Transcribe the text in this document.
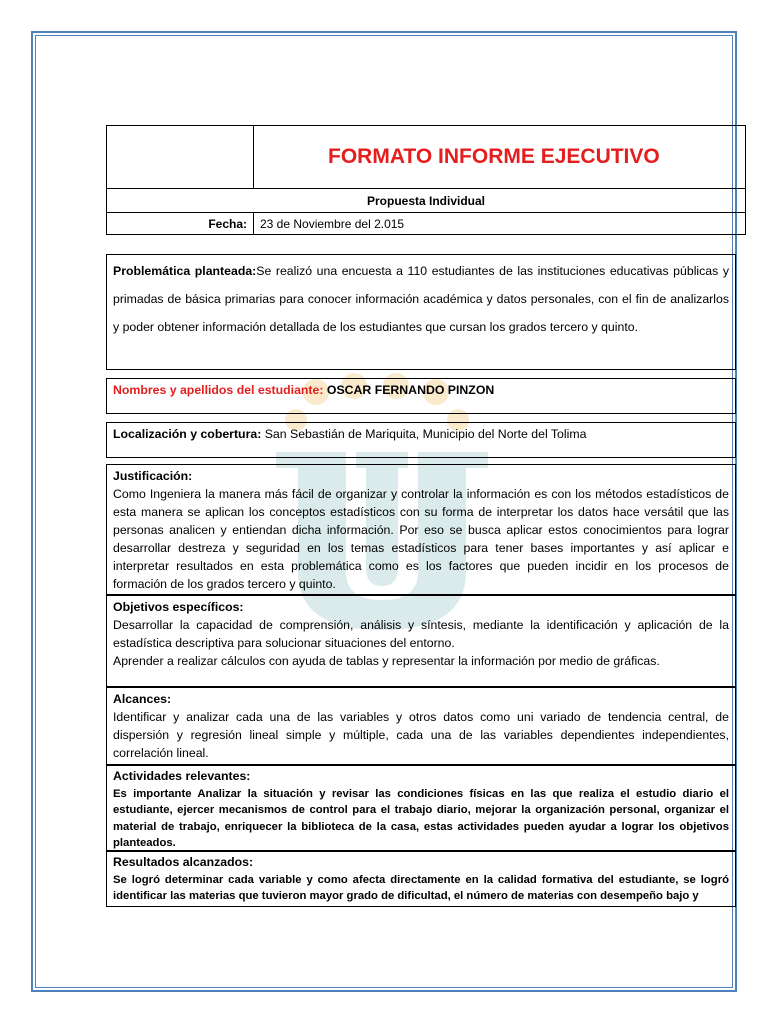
	FORMATO INFORME EJECUTIVO
Propuesta Individual	
Fecha:	23 de Noviembre del 2.015
Problemática planteada:Se realizó una encuesta a 110 estudiantes de las instituciones educativas públicas y primadas de básica primarias para conocer información académica y datos personales, con el fin de analizarlos y poder obtener información detallada de los estudiantes que cursan los grados tercero y quinto.
Nombres y apellidos del estudiante: OSCAR FERNANDO PINZON
Localización y cobertura: San Sebastián de Mariquita, Municipio del Norte del Tolima
Justificación:
Como Ingeniera la manera más fácil de organizar y controlar la información es con los métodos estadísticos de esta manera se aplican los conceptos estadísticos con su forma de interpretar los datos hace versátil que las personas analicen y entiendan dicha información. Por eso se busca aplicar estos conocimientos para lograr desarrollar destreza y seguridad en los temas estadísticos para tener bases importantes y así aplicar e interpretar resultados en esta problemática como es los factores que pueden incidir en los procesos de formación de los grados tercero y quinto.
Objetivos específicos:
Desarrollar la capacidad de comprensión, análisis y síntesis, mediante la identificación y aplicación de la estadística descriptiva para solucionar situaciones del entorno.
Aprender a realizar cálculos con ayuda de tablas y representar la información por medio de gráficas.
Alcances:
Identificar y analizar cada una de las variables y otros datos como uni variado de tendencia central, de dispersión y regresión lineal simple y múltiple, cada una de las variables dependientes independientes, correlación lineal.
Actividades relevantes:
Es importante Analizar la situación y revisar las condiciones físicas en las que realiza el estudio diario el estudiante, ejercer mecanismos de control para el trabajo diario, mejorar la organización personal, organizar el material de trabajo, enriquecer la biblioteca de la casa, estas actividades pueden ayudar a lograr los objetivos planteados.
Resultados alcanzados:
Se logró determinar cada variable y como afecta directamente en la calidad formativa del estudiante, se logró identificar las materias que tuvieron mayor grado de dificultad, el número de materias con desempeño bajo y
